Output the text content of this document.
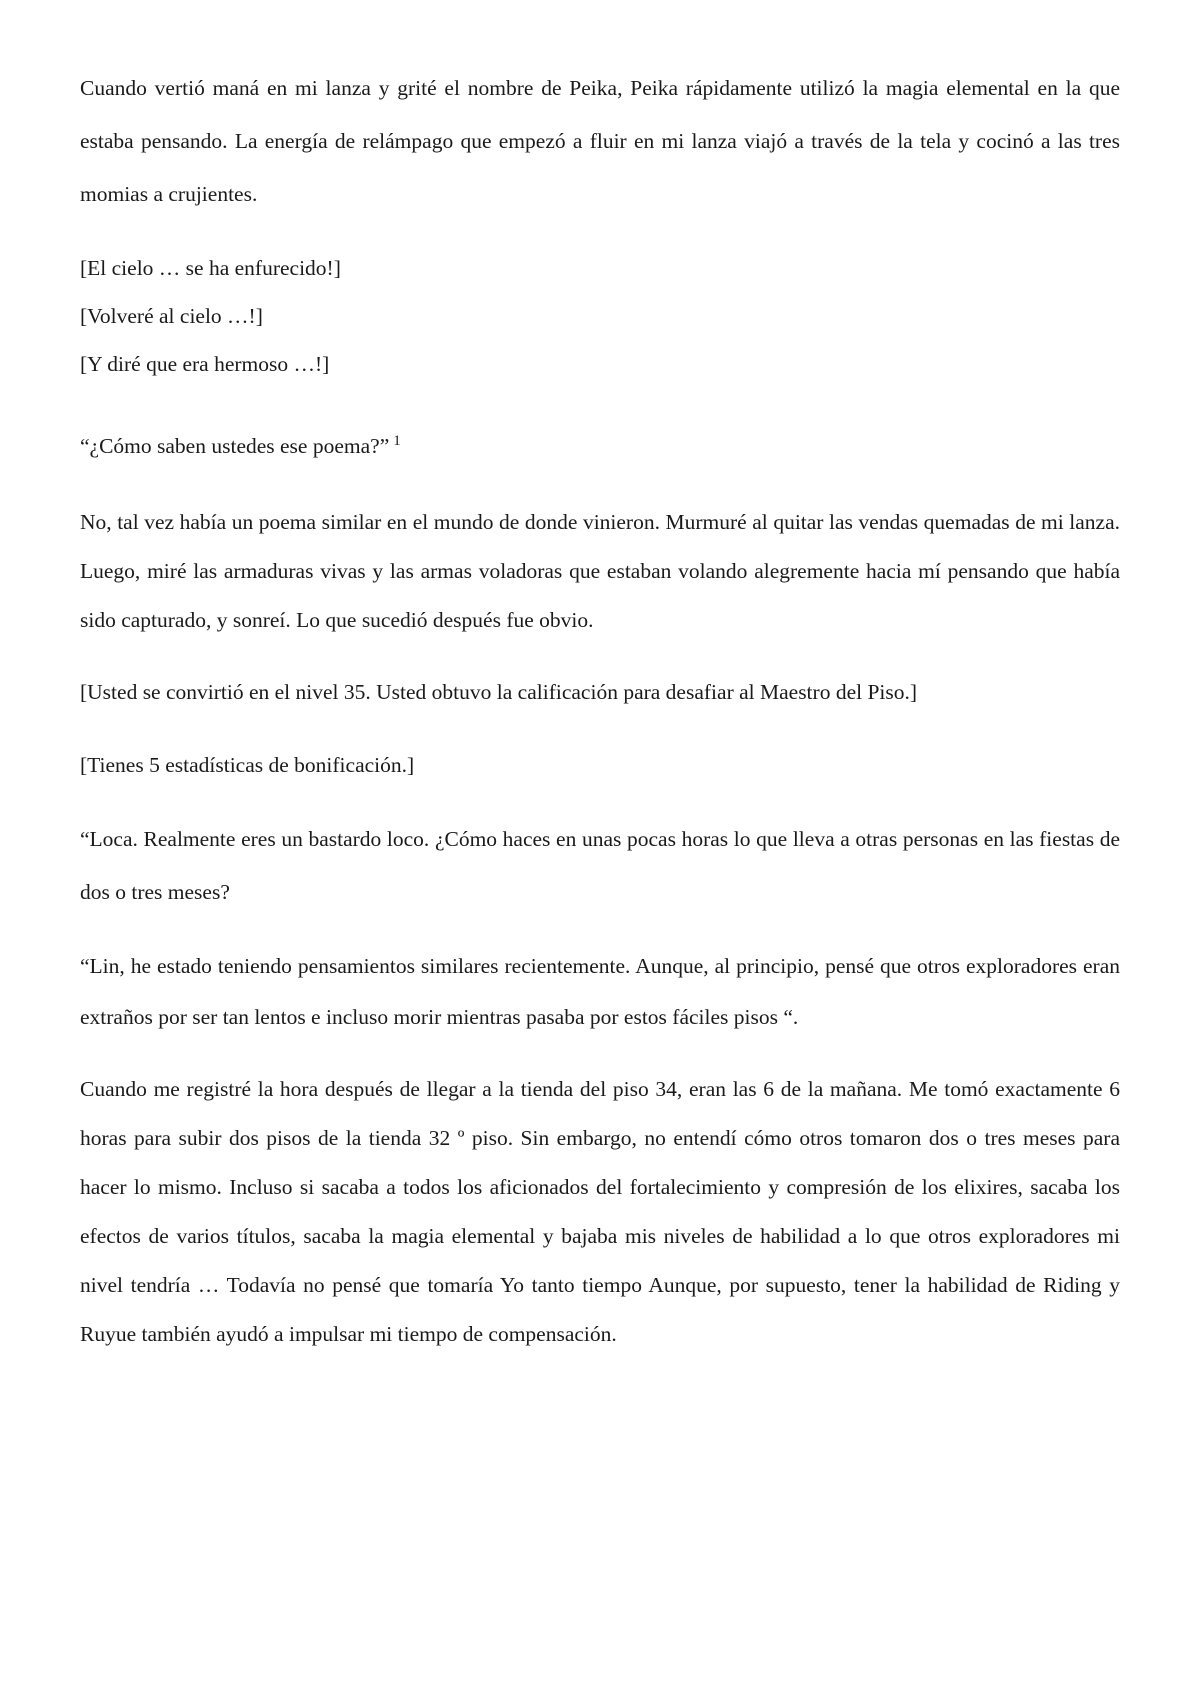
Cuando vertió maná en mi lanza y grité el nombre de Peika, Peika rápidamente utilizó la magia elemental en la que estaba pensando. La energía de relámpago que empezó a fluir en mi lanza viajó a través de la tela y cocinó a las tres momias a crujientes.

[El cielo … se ha enfurecido!]

[Volveré al cielo …!]

[Y diré que era hermoso …!]

“¿Cómo saben ustedes ese poema?” $^1$

No, tal vez había un poema similar en el mundo de donde vinieron. Murmuré al quitar las vendas quemadas de mi lanza. Luego, miré las armaduras vivas y las armas voladoras que estaban volando alegremente hacia mí pensando que había sido capturado, y sonreí. Lo que sucedió después fue obvio.

[Usted se convirtió en el nivel 35. Usted obtuvo la calificación para desafiar al Maestro del Piso.]

[Tienes 5 estadísticas de bonificación.]

“Loca. Realmente eres un bastardo loco. ¿Cómo haces en unas pocas horas lo que lleva a otras personas en las fiestas de dos o tres meses?

“Lin, he estado teniendo pensamientos similares recientemente. Aunque, al principio, pensé que otros exploradores eran extraños por ser tan lentos e incluso morir mientras pasaba por estos fáciles pisos “.

Cuando me registré la hora después de llegar a la tienda del piso 34, eran las 6 de la mañana. Me tomó exactamente 6 horas para subir dos pisos de la tienda 32 º piso. Sin embargo, no entendí cómo otros tomaron dos o tres meses para hacer lo mismo. Incluso si sacaba a todos los aficionados del fortalecimiento y compresión de los elixires, sacaba los efectos de varios títulos, sacaba la magia elemental y bajaba mis niveles de habilidad a lo que otros exploradores mi nivel tendría … Todavía no pensé que tomaría Yo tanto tiempo Aunque, por supuesto, tener la habilidad de Riding y Ruyue también ayudó a impulsar mi tiempo de compensación.
